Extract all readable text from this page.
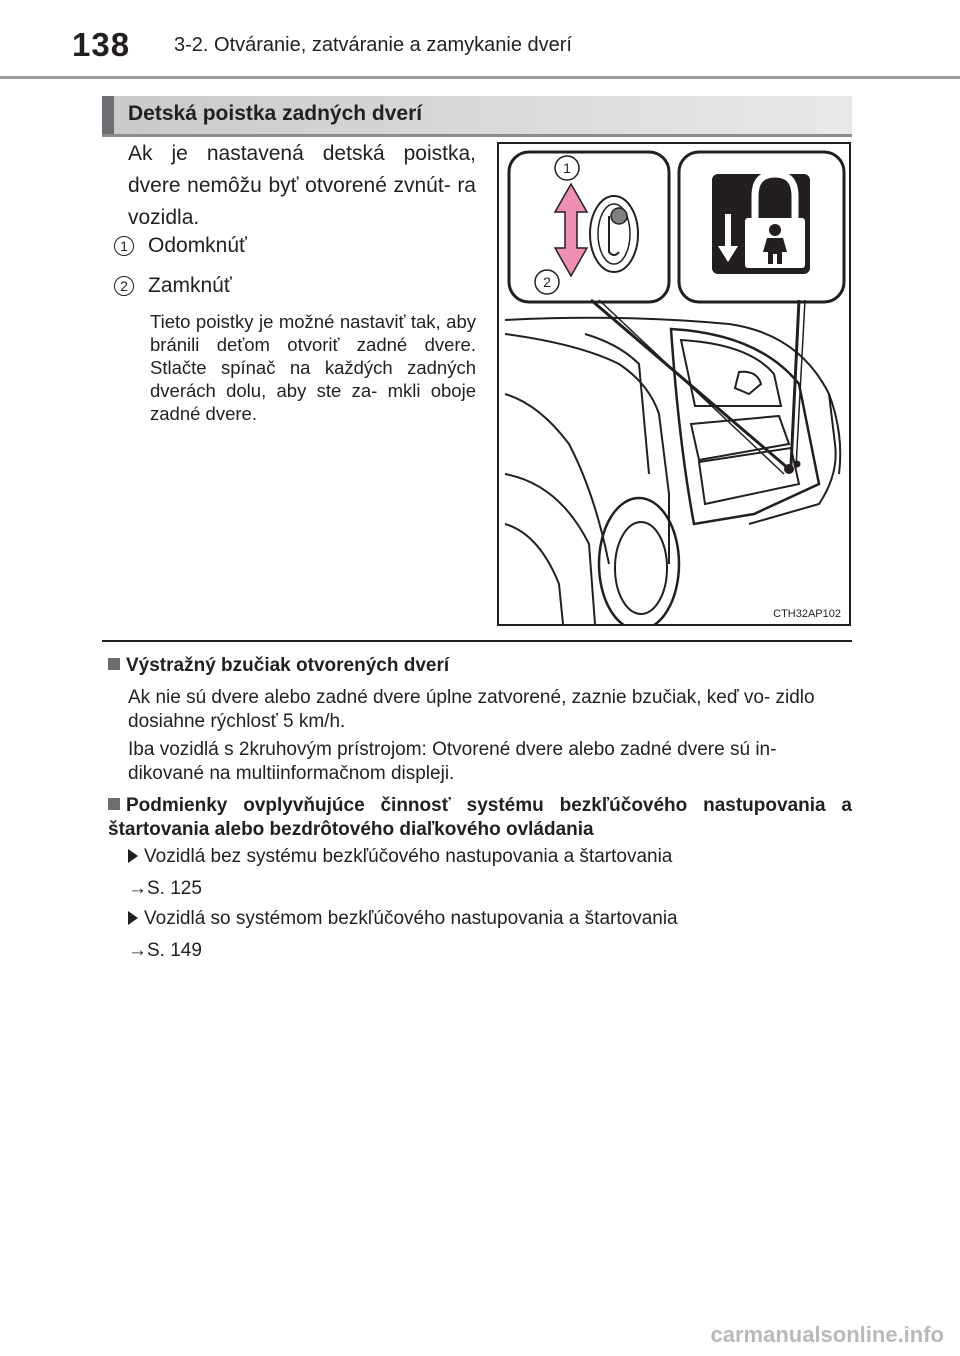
138 3-2. Otváranie, zatváranie a zamykanie dverí
Detská poistka zadných dverí
Ak je nastavená detská poistka, dvere nemôžu byť otvorené zvnút- ra vozidla.
1 Odomknúť
2 Zamknúť
Tieto poistky je možné nastaviť tak, aby bránili deťom otvoriť zadné dvere. Stlačte spínač na každých zadných dverách dolu, aby ste za- mkli oboje zadné dvere.
1
2
CTH32AP102
Výstražný bzučiak otvorených dverí
Ak nie sú dvere alebo zadné dvere úplne zatvorené, zaznie bzučiak, keď vo- zidlo dosiahne rýchlosť 5 km/h.
Iba vozidlá s 2kruhovým prístrojom: Otvorené dvere alebo zadné dvere sú in- dikované na multiinformačnom displeji.
Podmienky ovplyvňujúce činnosť systému bezkľúčového nastupovania a štartovania alebo bezdrôtového diaľkového ovládania
Vozidlá bez systému bezkľúčového nastupovania a štartovania
→S. 125
Vozidlá so systémom bezkľúčového nastupovania a štartovania
→S. 149
carmanualsonline.info
